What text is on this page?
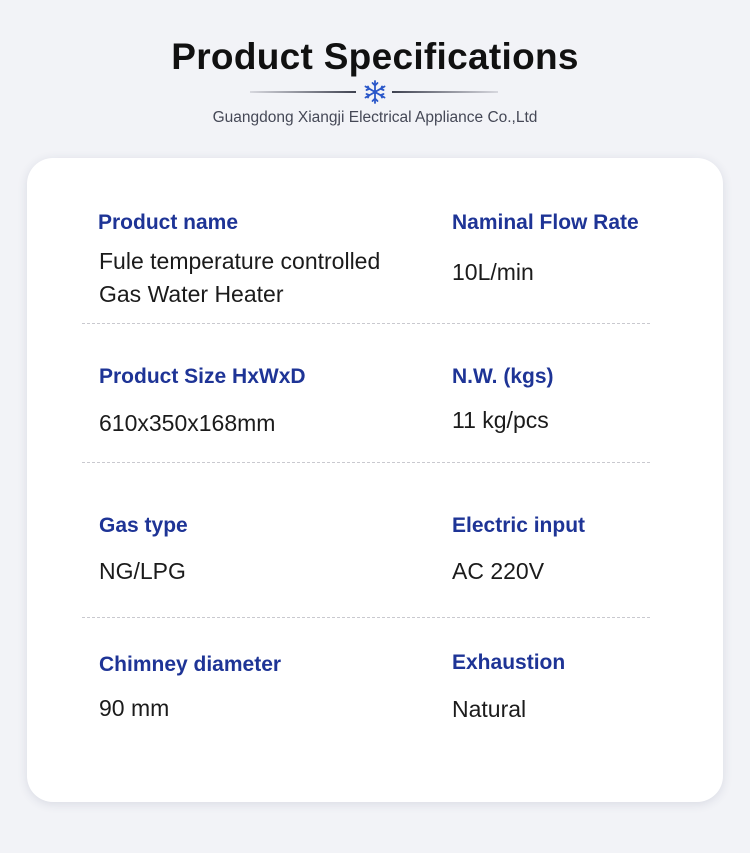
Product Specifications
Guangdong Xiangji Electrical Appliance Co.,Ltd
Product name
Fule temperature controlled
Gas Water Heater
Naminal Flow Rate
10L/min
Product Size HxWxD
610x350x168mm
N.W. (kgs)
11 kg/pcs
Gas type
NG/LPG
Electric input
AC 220V
Chimney diameter
90 mm
Exhaustion
Natural
